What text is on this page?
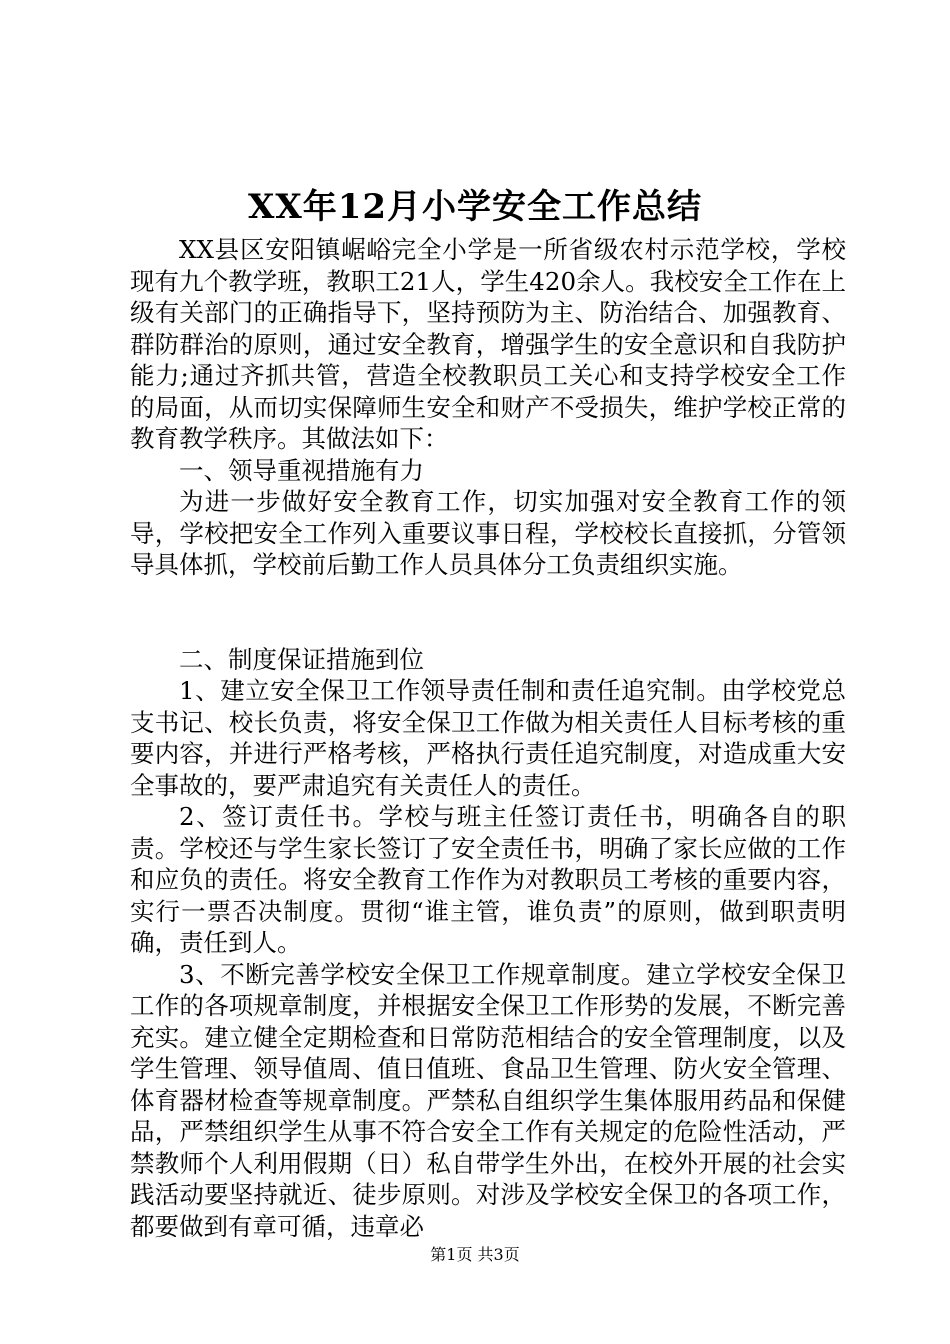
XX年12月小学安全工作总结

XX县区安阳镇崌峪完全小学是一所省级农村示范学校，学校现有九个教学班，教职工21人，学生420余人。我校安全工作在上级有关部门的正确指导下，坚持预防为主、防治结合、加强教育、群防群治的原则，通过安全教育，增强学生的安全意识和自我防护能力;通过齐抓共管，营造全校教职员工关心和支持学校安全工作的局面，从而切实保障师生安全和财产不受损失，维护学校正常的教育教学秩序。其做法如下：

一、领导重视措施有力

为进一步做好安全教育工作，切实加强对安全教育工作的领导，学校把安全工作列入重要议事日程，学校校长直接抓，分管领导具体抓，学校前后勤工作人员具体分工负责组织实施。

二、制度保证措施到位

1、建立安全保卫工作领导责任制和责任追究制。由学校党总支书记、校长负责，将安全保卫工作做为相关责任人目标考核的重要内容，并进行严格考核，严格执行责任追究制度，对造成重大安全事故的，要严肃追究有关责任人的责任。

2、签订责任书。学校与班主任签订责任书，明确各自的职责。学校还与学生家长签订了安全责任书，明确了家长应做的工作和应负的责任。将安全教育工作作为对教职员工考核的重要内容，实行一票否决制度。贯彻“谁主管，谁负责”的原则，做到职责明确，责任到人。

3、不断完善学校安全保卫工作规章制度。建立学校安全保卫工作的各项规章制度，并根据安全保卫工作形势的发展，不断完善充实。建立健全定期检查和日常防范相结合的安全管理制度，以及学生管理、领导值周、值日值班、食品卫生管理、防火安全管理、体育器材检查等规章制度。严禁私自组织学生集体服用药品和保健品，严禁组织学生从事不符合安全工作有关规定的危险性活动，严禁教师个人利用假期（日）私自带学生外出，在校外开展的社会实践活动要坚持就近、徒步原则。对涉及学校安全保卫的各项工作，都要做到有章可循，违章必

第1页 共3页
